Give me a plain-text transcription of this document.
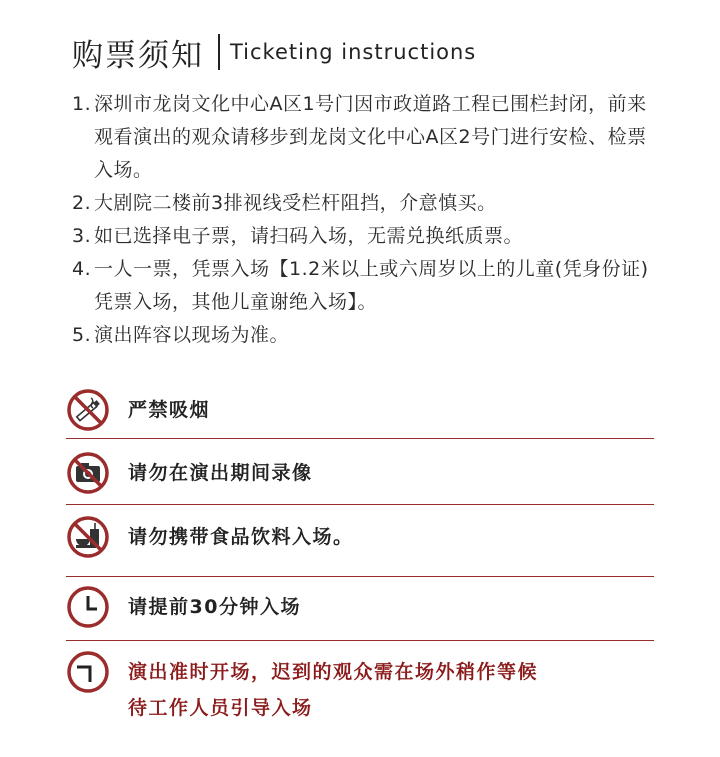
购票须知 Ticketing instructions
1. 深圳市龙岗文化中心A区1号门因市政道路工程已围栏封闭，前来观看演出的观众请移步到龙岗文化中心A区2号门进行安检、检票入场。
2. 大剧院二楼前3排视线受栏杆阻挡，介意慎买。
3. 如已选择电子票，请扫码入场，无需兑换纸质票。
4. 一人一票，凭票入场【1.2米以上或六周岁以上的儿童(凭身份证)凭票入场，其他儿童谢绝入场】。
5. 演出阵容以现场为准。
严禁吸烟
请勿在演出期间录像
请勿携带食品饮料入场。
请提前30分钟入场
演出准时开场，迟到的观众需在场外稍作等候
待工作人员引导入场
